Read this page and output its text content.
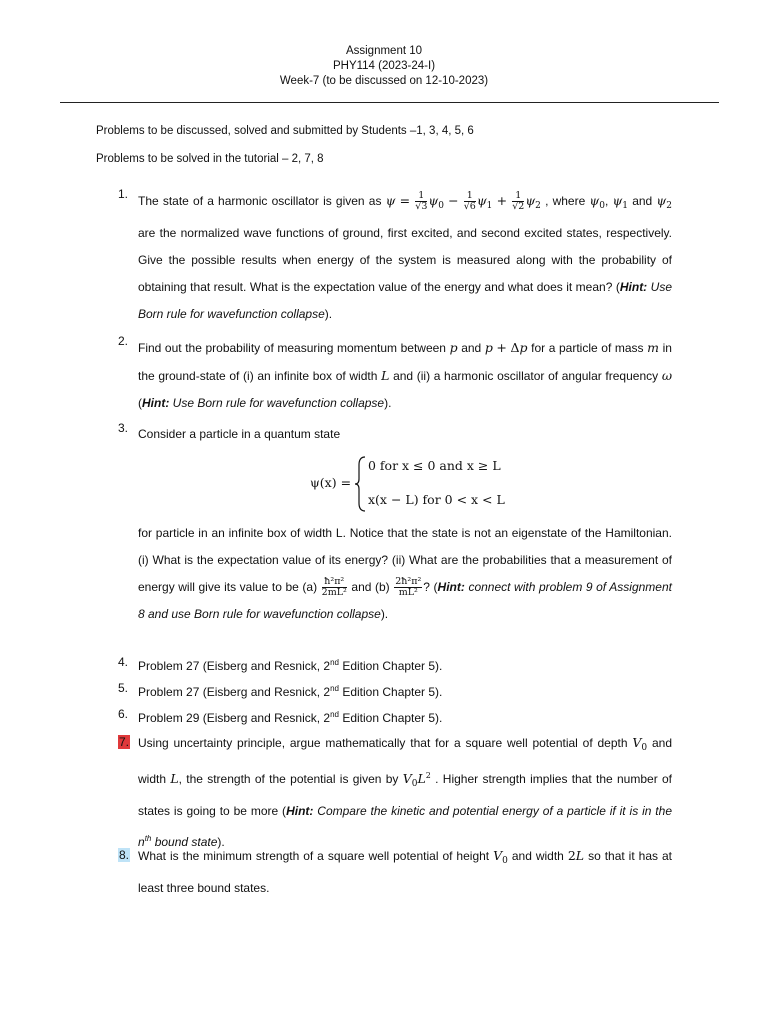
Assignment 10
PHY114 (2023-24-I)
Week-7 (to be discussed on 12-10-2023)
Problems to be discussed, solved and submitted by Students –1, 3, 4, 5, 6
Problems to be solved in the tutorial – 2, 7, 8
1. The state of a harmonic oscillator is given as $\psi = \frac{1}{√3} \psi_0 - \frac{1}{√6} \psi_1 + \frac{1}{√2} \psi_2$ , where $\psi_0$, $\psi_1$ and $\psi_2$ are the normalized wave functions of ground, first excited, and second excited states, respectively. Give the possible results when energy of the system is measured along with the probability of obtaining that result. What is the expectation value of the energy and what does it mean? (Hint: Use Born rule for wavefunction collapse).
2. Find out the probability of measuring momentum between p and p + Δp for a particle of mass m in the ground-state of (i) an infinite box of width L and (ii) a harmonic oscillator of angular frequency ω (Hint: Use Born rule for wavefunction collapse).
3. Consider a particle in a quantum state
ψ(x) =
0 for x ≤ 0 and x ≥ L
x(x − L) for 0 < x < L
for particle in an infinite box of width L. Notice that the state is not an eigenstate of the Hamiltonian. (i) What is the expectation value of its energy? (ii) What are the probabilities that a measurement of energy will give its value to be $(a) \frac{\text{ħ²π²}}{\text{2mL²}}$ and $(b) \frac{\text{2ħ²π²}}{\text{mL²}}$ ? (Hint: connect with problem 9 of Assignment 8 and use Born rule for wavefunction collapse).
4. Problem 27 (Eisberg and Resnick, 2nd Edition Chapter 5).
5. Problem 27 (Eisberg and Resnick, 2nd Edition Chapter 5).
6. Problem 29 (Eisberg and Resnick, 2nd Edition Chapter 5).
7. Using uncertainty principle, argue mathematically that for a square well potential of depth $V_0$ and width L, the strength of the potential is given by $V_0L^2$ . Higher strength implies that the number of states is going to be more (Hint: Compare the kinetic and potential energy of a particle if it is in the $n^{th}$ bound state).
8. What is the minimum strength of a square well potential of height $V_0$ and width 2L so that it has at least three bound states.
